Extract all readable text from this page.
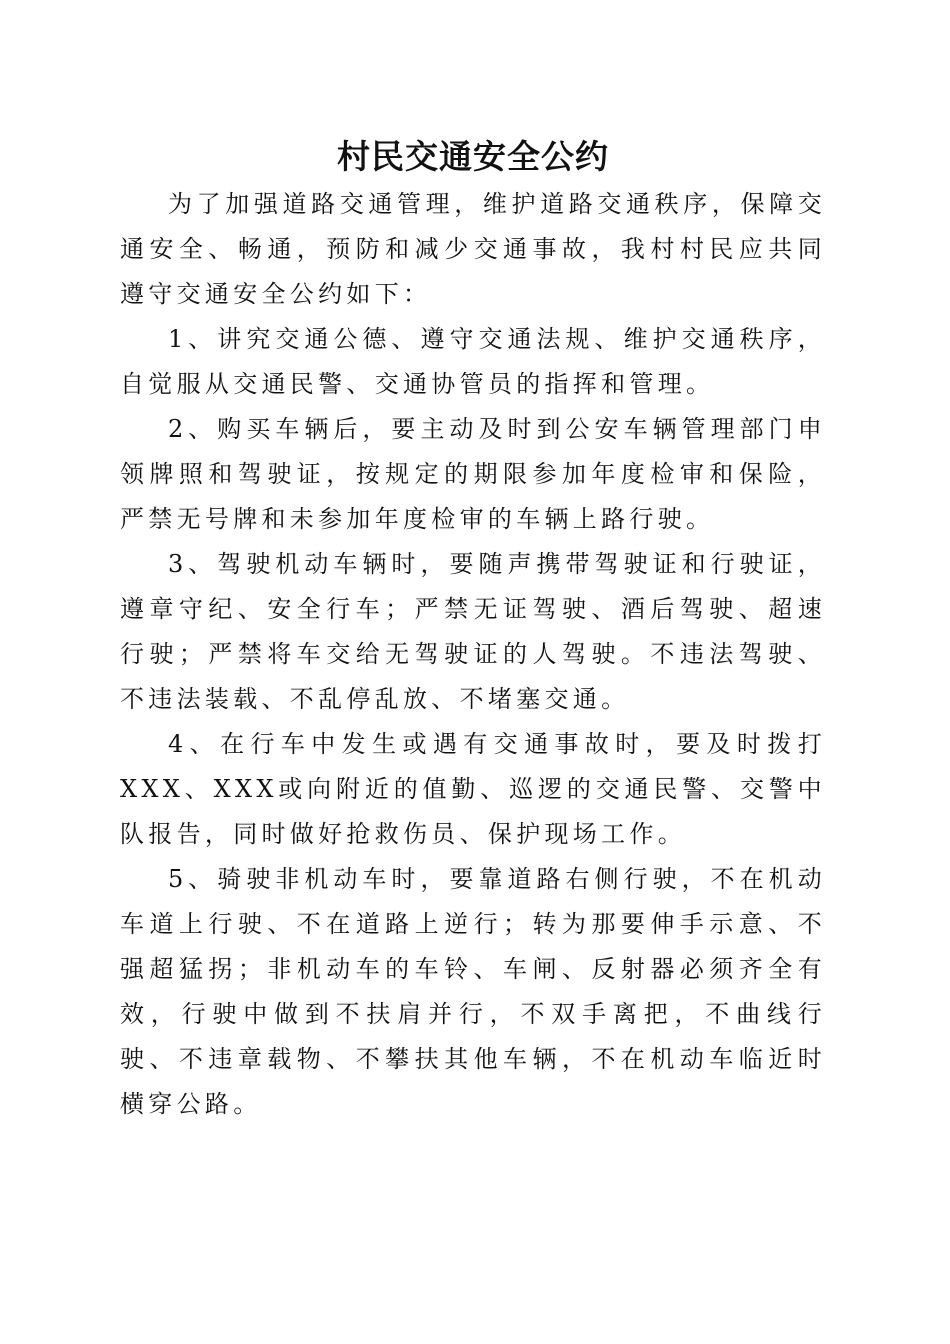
村民交通安全公约

为了加强道路交通管理，维护道路交通秩序，保障交通安全、畅通，预防和减少交通事故，我村村民应共同遵守交通安全公约如下：

1、讲究交通公德、遵守交通法规、维护交通秩序，自觉服从交通民警、交通协管员的指挥和管理。

2、购买车辆后，要主动及时到公安车辆管理部门申领牌照和驾驶证，按规定的期限参加年度检审和保险，严禁无号牌和未参加年度检审的车辆上路行驶。

3、驾驶机动车辆时，要随声携带驾驶证和行驶证，遵章守纪、安全行车；严禁无证驾驶、酒后驾驶、超速行驶；严禁将车交给无驾驶证的人驾驶。不违法驾驶、不违法装载、不乱停乱放、不堵塞交通。

4、在行车中发生或遇有交通事故时，要及时拨打XXX、XXX或向附近的值勤、巡逻的交通民警、交警中队报告，同时做好抢救伤员、保护现场工作。

5、骑驶非机动车时，要靠道路右侧行驶，不在机动车道上行驶、不在道路上逆行；转为那要伸手示意、不强超猛拐；非机动车的车铃、车闸、反射器必须齐全有效，行驶中做到不扶肩并行，不双手离把，不曲线行驶、不违章载物、不攀扶其他车辆，不在机动车临近时横穿公路。
